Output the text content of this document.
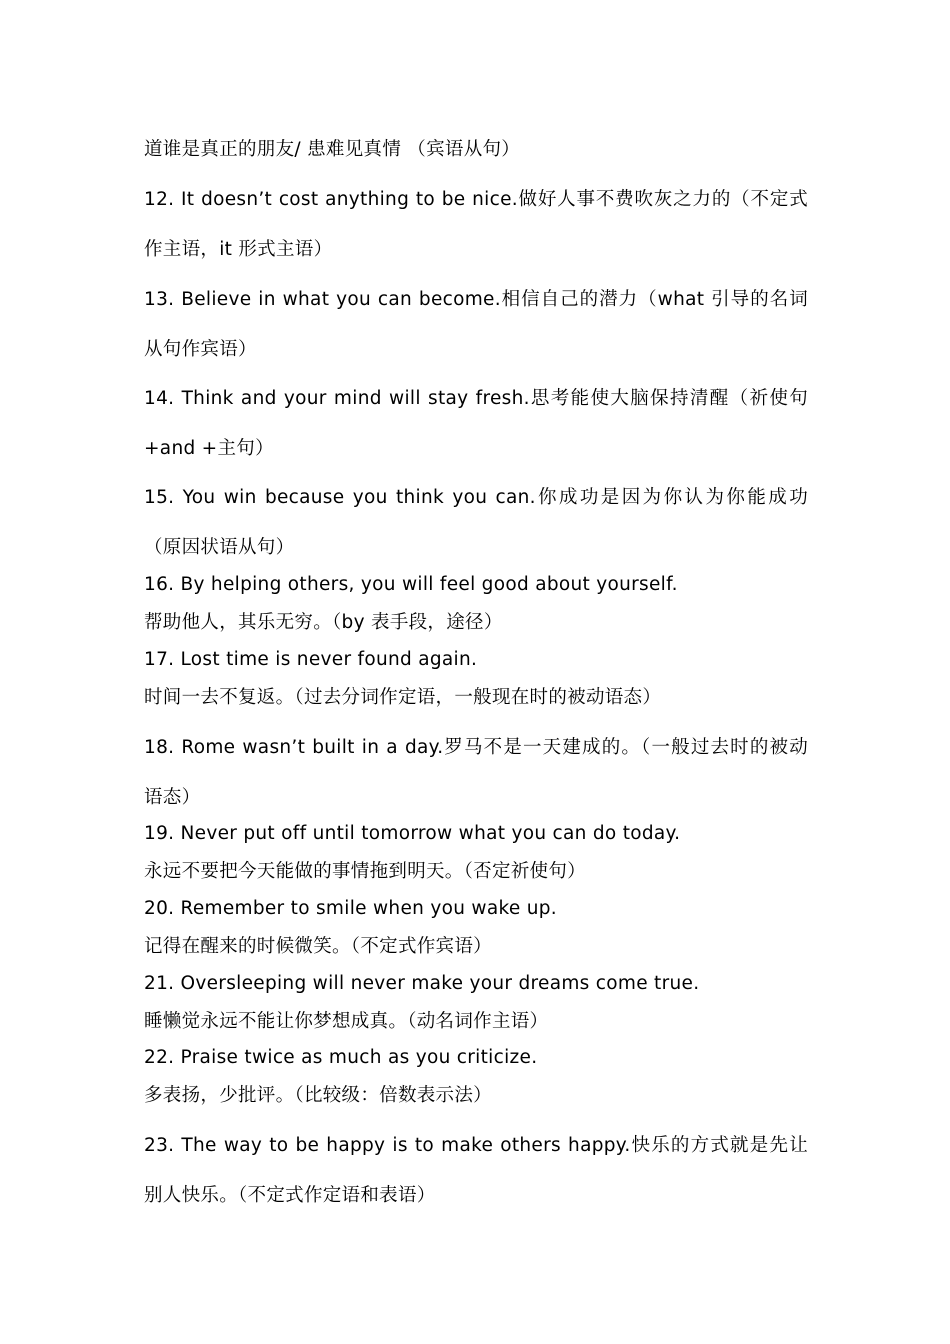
道谁是真正的朋友/ 患难见真情 （宾语从句）
12. It doesn’t cost anything to be nice.做好人事不费吹灰之力的（不定式
作主语，it 形式主语）
13. Believe in what you can become.相信自己的潜力（what 引导的名词
从句作宾语）
14. Think and your mind will stay fresh.思考能使大脑保持清醒（祈使句
+and +主句）
15. You win because you think you can.你成功是因为你认为你能成功
（原因状语从句）
16. By helping others, you will feel good about yourself.
帮助他人，其乐无穷。（by 表手段，途径）
17. Lost time is never found again.
时间一去不复返。（过去分词作定语，一般现在时的被动语态）
18. Rome wasn’t built in a day.罗马不是一天建成的。（一般过去时的被动
语态）
19. Never put off until tomorrow what you can do today.
永远不要把今天能做的事情拖到明天。（否定祈使句）
20. Remember to smile when you wake up.
记得在醒来的时候微笑。（不定式作宾语）
21. Oversleeping will never make your dreams come true.
睡懒觉永远不能让你梦想成真。（动名词作主语）
22. Praise twice as much as you criticize.
多表扬，少批评。（比较级：倍数表示法）
23. The way to be happy is to make others happy.快乐的方式就是先让
别人快乐。（不定式作定语和表语）
